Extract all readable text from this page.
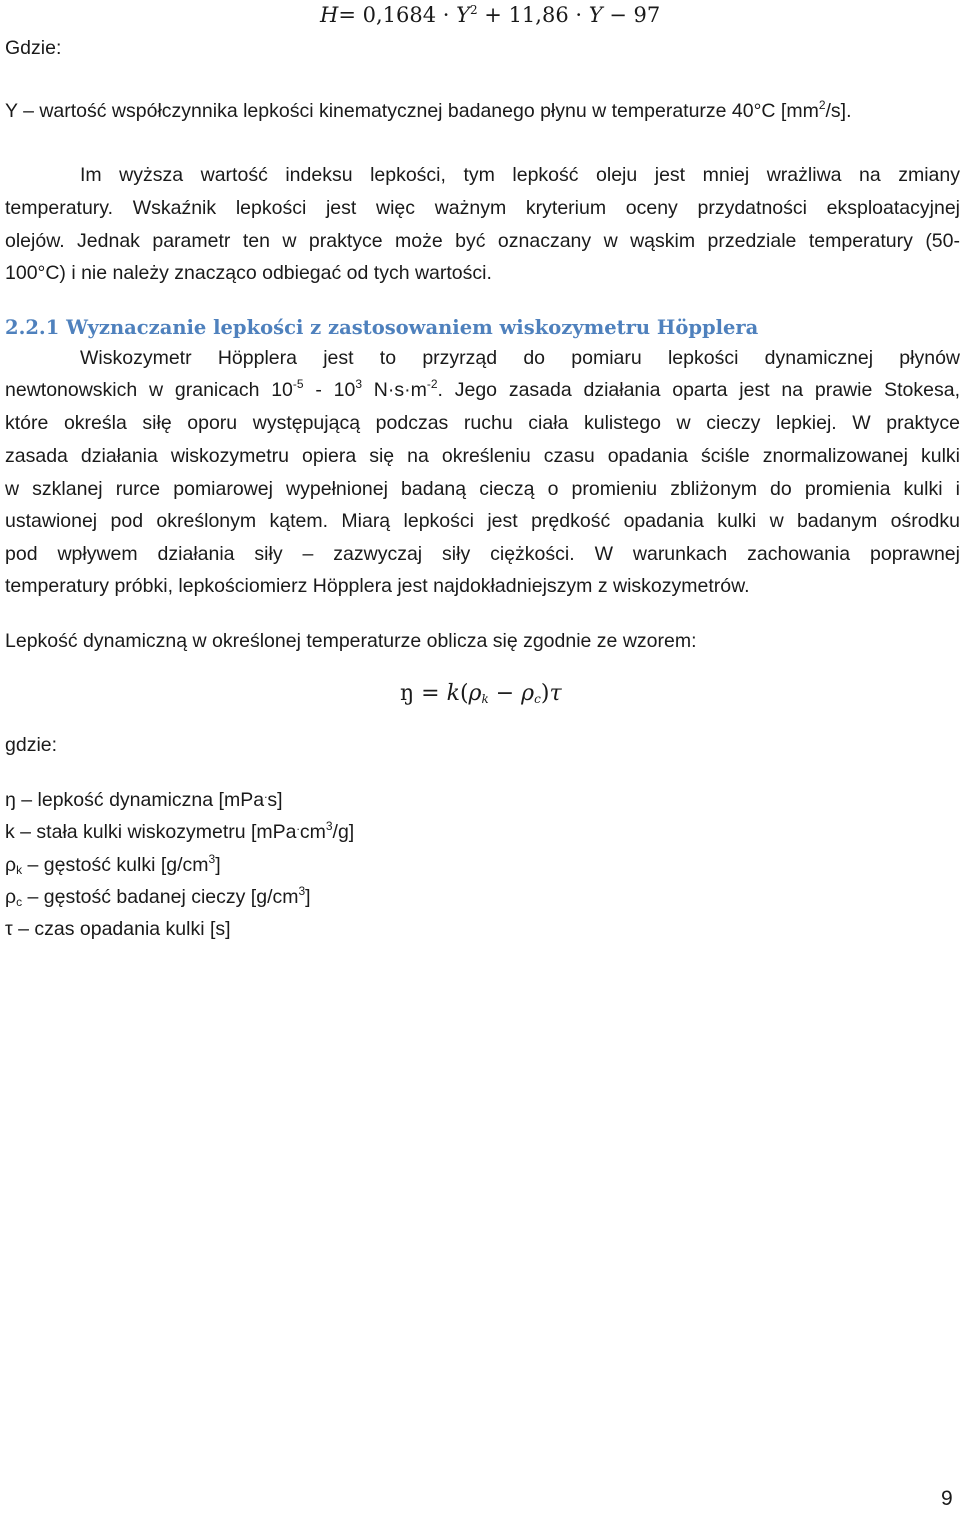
$H= 0,1684 \cdot Y^2 + 11,86 \cdot Y - 97$
Gdzie:
Y – wartość współczynnika lepkości kinematycznej badanego płynu w temperaturze 40°C $[mm^2/s]$.
Im wyższa wartość indeksu lepkości, tym lepkość oleju jest mniej wrażliwa na zmiany
temperatury. Wskaźnik lepkości jest więc ważnym kryterium oceny przydatności eksploatacyjnej
olejów. Jednak parametr ten w praktyce może być oznaczany w wąskim przedziale temperatury (50-
100°C) i nie należy znacząco odbiegać od tych wartości.
2.2.1 Wyznaczanie lepkości z zastosowaniem wiskozymetru Höpplera
Wiskozymetr Höpplera jest to przyrząd do pomiaru lepkości dynamicznej płynów
newtonowskich w granicach $10^{-5} - 10^3$ $N\cdot s\cdot m^{-2}$. Jego zasada działania oparta jest na prawie Stokesa,
które określa siłę oporu występującą podczas ruchu ciała kulistego w cieczy lepkiej. W praktyce
zasada działania wiskozymetru opiera się na określeniu czasu opadania ściśle znormalizowanej kulki
w szklanej rurce pomiarowej wypełnionej badaną cieczą o promieniu zbliżonym do promienia kulki i
ustawionej pod określonym kątem. Miarą lepkości jest prędkość opadania kulki w badanym ośrodku
pod wpływem działania siły – zazwyczaj siły ciężkości. W warunkach zachowania poprawnej
temperatury próbki, lepkościomierz Höpplera jest najdokładniejszym z wiskozymetrów.
Lepkość dynamiczną w określonej temperaturze oblicza się zgodnie ze wzorem:
ŋ = $k(\rho_k - \rho_c)\tau$
gdzie:
ŋ – lepkość dynamiczna [mPa.s]
k – stała kulki wiskozymetru $[mPa^.cm^3/g]$
$\rho_k$ – gęstość kulki $[g/cm^3]$
$\rho_c$ – gęstość badanej cieczy $[g/cm^3]$
τ – czas opadania kulki [s]
9
